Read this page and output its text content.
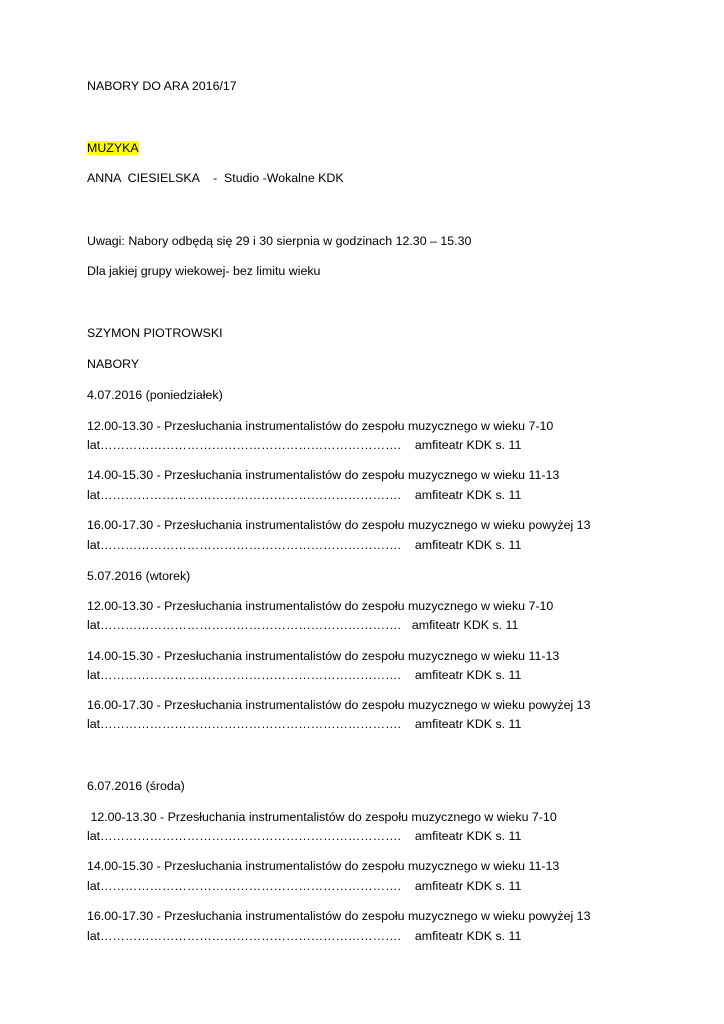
NABORY DO ARA 2016/17
MUZYKA
ANNA  CIESIELSKA    -  Studio -Wokalne KDK
Uwagi: Nabory odbędą się 29 i 30 sierpnia w godzinach 12.30 – 15.30
Dla jakiej grupy wiekowej- bez limitu wieku
SZYMON PIOTROWSKI
NABORY
4.07.2016 (poniedziałek)
12.00-13.30 - Przesłuchania instrumentalistów do zespołu muzycznego w wieku 7-10
lat………………………………………………………………. amfiteatr KDK s. 11
14.00-15.30 - Przesłuchania instrumentalistów do zespołu muzycznego w wieku 11-13
lat………………………………………………………………. amfiteatr KDK s. 11
16.00-17.30 - Przesłuchania instrumentalistów do zespołu muzycznego w wieku powyżej 13
lat………………………………………………………………. amfiteatr KDK s. 11
5.07.2016 (wtorek)
12.00-13.30 - Przesłuchania instrumentalistów do zespołu muzycznego w wieku 7-10
lat………………………………………………………………. amfiteatr KDK s. 11
14.00-15.30 - Przesłuchania instrumentalistów do zespołu muzycznego w wieku 11-13
lat………………………………………………………………. amfiteatr KDK s. 11
16.00-17.30 - Przesłuchania instrumentalistów do zespołu muzycznego w wieku powyżej 13
lat………………………………………………………………. amfiteatr KDK s. 11
6.07.2016 (środa)
12.00-13.30 - Przesłuchania instrumentalistów do zespołu muzycznego w wieku 7-10
lat………………………………………………………………. amfiteatr KDK s. 11
14.00-15.30 - Przesłuchania instrumentalistów do zespołu muzycznego w wieku 11-13
lat………………………………………………………………. amfiteatr KDK s. 11
16.00-17.30 - Przesłuchania instrumentalistów do zespołu muzycznego w wieku powyżej 13
lat………………………………………………………………. amfiteatr KDK s. 11
